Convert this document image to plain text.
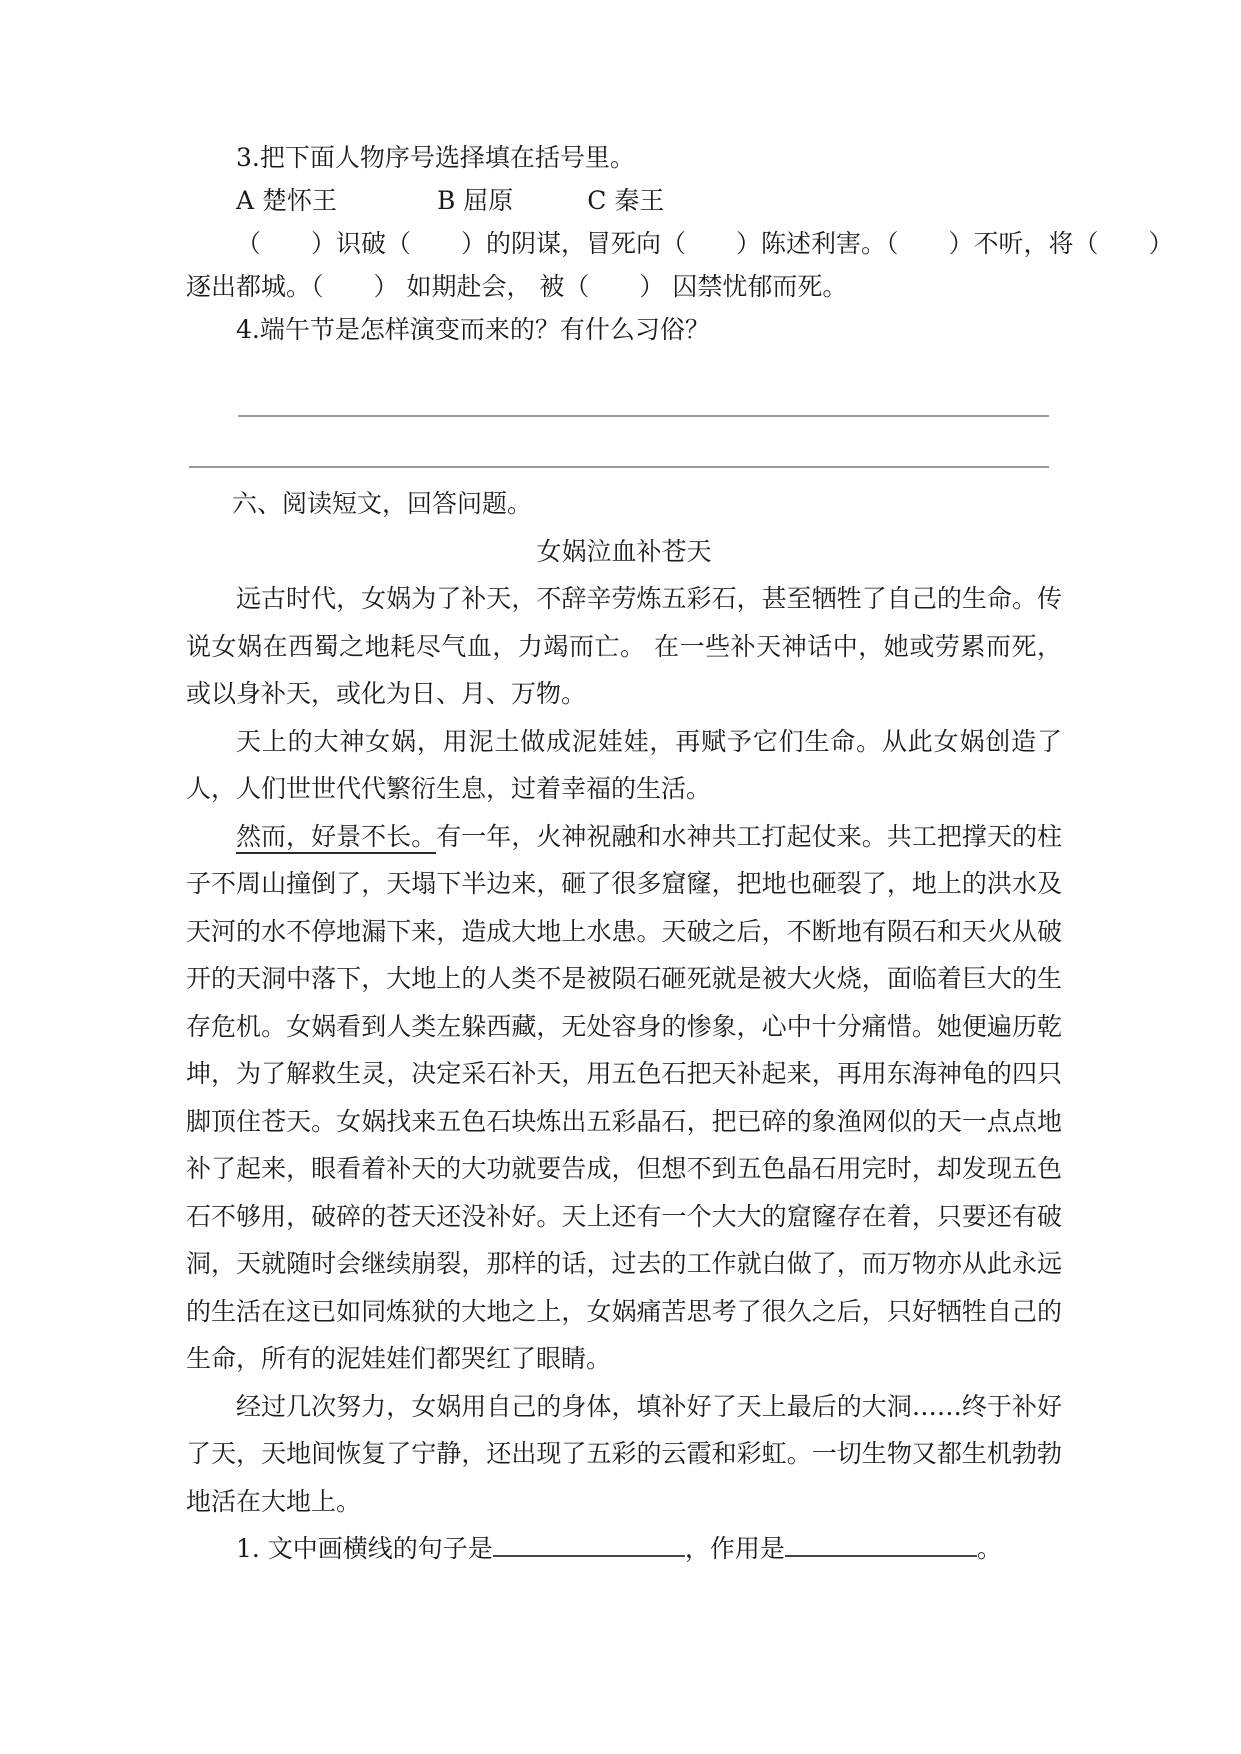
3.把下面人物序号选择填在括号里。
A 楚怀王	B 屈原	C 秦王
（　　）识破（　　）的阴谋，冒死向（　　）陈述利害。（　　）不听，将（　　）
逐出都城。（　　） 如期赴会， 被（　　） 囚禁忧郁而死。
4.端午节是怎样演变而来的？有什么习俗？
六、阅读短文，回答问题。
女娲泣血补苍天

远古时代，女娲为了补天，不辞辛劳炼五彩石，甚至牺牲了自己的生命。传说女娲在西蜀之地耗尽气血，力竭而亡。 在一些补天神话中，她或劳累而死，或以身补天，或化为日、月、万物。

天上的大神女娲，用泥土做成泥娃娃，再赋予它们生命。从此女娲创造了人，人们世世代代繁衍生息，过着幸福的生活。

然而，好景不长。有一年，火神祝融和水神共工打起仗来。共工把撑天的柱子不周山撞倒了，天塌下半边来，砸了很多窟窿，把地也砸裂了，地上的洪水及天河的水不停地漏下来，造成大地上水患。天破之后，不断地有陨石和天火从破开的天洞中落下，大地上的人类不是被陨石砸死就是被大火烧，面临着巨大的生存危机。女娲看到人类左躲西藏，无处容身的惨象，心中十分痛惜。她便遍历乾坤，为了解救生灵，决定采石补天，用五色石把天补起来，再用东海神龟的四只脚顶住苍天。女娲找来五色石块炼出五彩晶石，把已碎的象渔网似的天一点点地补了起来，眼看着补天的大功就要告成，但想不到五色晶石用完时，却发现五色石不够用，破碎的苍天还没补好。天上还有一个大大的窟窿存在着，只要还有破洞，天就随时会继续崩裂，那样的话，过去的工作就白做了，而万物亦从此永远的生活在这已如同炼狱的大地之上，女娲痛苦思考了很久之后，只好牺牲自己的生命，所有的泥娃娃们都哭红了眼睛。

经过几次努力，女娲用自己的身体，填补好了天上最后的大洞……终于补好了天，天地间恢复了宁静，还出现了五彩的云霞和彩虹。一切生物又都生机勃勃地活在大地上。

1. 文中画横线的句子是	，作用是	。
